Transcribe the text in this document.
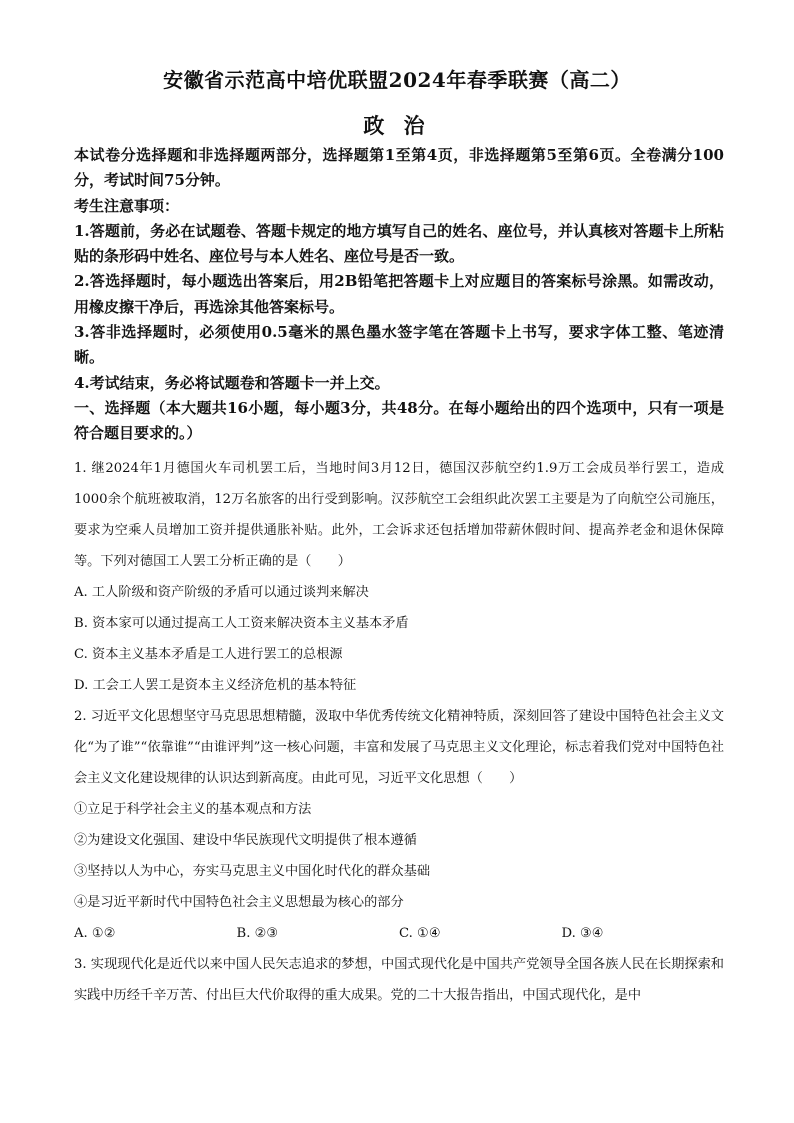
安徽省示范高中培优联盟2024年春季联赛（高二）
政 治

本试卷分选择题和非选择题两部分，选择题第1至第4页，非选择题第5至第6页。全卷满分100分，考试时间75分钟。

考生注意事项：

1.答题前，务必在试题卷、答题卡规定的地方填写自己的姓名、座位号，并认真核对答题卡上所粘贴的条形码中姓名、座位号与本人姓名、座位号是否一致。

2.答选择题时，每小题选出答案后，用2B铅笔把答题卡上对应题目的答案标号涂黑。如需改动，用橡皮擦干净后，再选涂其他答案标号。

3.答非选择题时，必须使用0.5毫米的黑色墨水签字笔在答题卡上书写，要求字体工整、笔迹清晰。

4.考试结束，务必将试题卷和答题卡一并上交。

一、选择题（本大题共16小题，每小题3分，共48分。在每小题给出的四个选项中，只有一项是符合题目要求的。）

1. 继2024年1月德国火车司机罢工后，当地时间3月12日，德国汉莎航空约1.9万工会成员举行罢工，造成1000余个航班被取消，12万名旅客的出行受到影响。汉莎航空工会组织此次罢工主要是为了向航空公司施压，要求为空乘人员增加工资并提供通胀补贴。此外，工会诉求还包括增加带薪休假时间、提高养老金和退休保障等。下列对德国工人罢工分析正确的是（　　）

A. 工人阶级和资产阶级的矛盾可以通过谈判来解决

B. 资本家可以通过提高工人工资来解决资本主义基本矛盾

C. 资本主义基本矛盾是工人进行罢工的总根源

D. 工会工人罢工是资本主义经济危机的基本特征

2. 习近平文化思想坚守马克思思想精髓，汲取中华优秀传统文化精神特质，深刻回答了建设中国特色社会主义文化“为了谁”“依靠谁”“由谁评判”这一核心问题，丰富和发展了马克思主义文化理论，标志着我们党对中国特色社会主义文化建设规律的认识达到新高度。由此可见，习近平文化思想（　　）

①立足于科学社会主义的基本观点和方法

②为建设文化强国、建设中华民族现代文明提供了根本遵循

③坚持以人为中心，夯实马克思主义中国化时代化的群众基础

④是习近平新时代中国特色社会主义思想最为核心的部分

A. ①②	B. ②③	C. ①④	D. ③④

3. 实现现代化是近代以来中国人民矢志追求的梦想，中国式现代化是中国共产党领导全国各族人民在长期探索和实践中历经千辛万苦、付出巨大代价取得的重大成果。党的二十大报告指出，中国式现代化，是中
